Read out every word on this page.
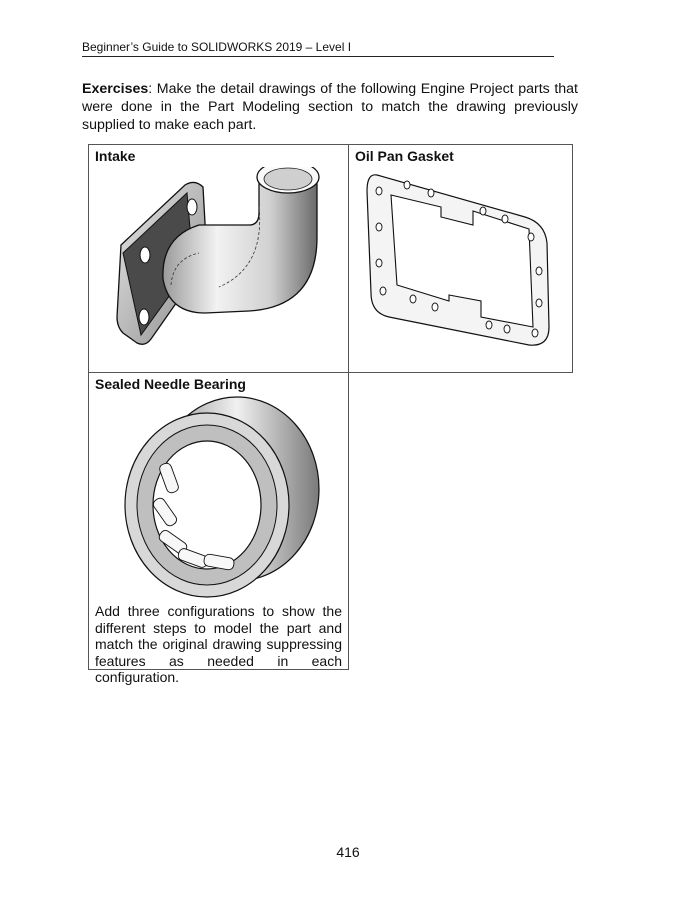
Beginner’s Guide to SOLIDWORKS 2019 – Level I
Exercises: Make the detail drawings of the following Engine Project parts that were done in the Part Modeling section to match the drawing previously supplied to make each part.
Intake	Oil Pan Gasket
Sealed Needle Bearing
Add three configurations to show the different steps to model the part and match the original drawing suppressing features as needed in each configuration.
416
